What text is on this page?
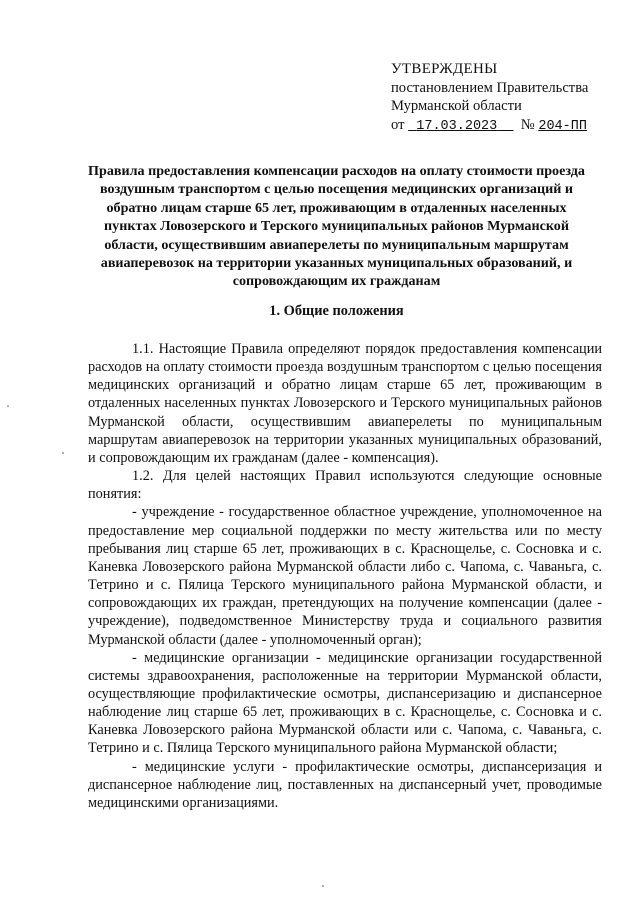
УТВЕРЖДЕНЫ
постановлением Правительства
Мурманской области
от 17.03.2023 № 204-ПП
Правила предоставления компенсации расходов на оплату стоимости проезда воздушным транспортом с целью посещения медицинских организаций и обратно лицам старше 65 лет, проживающим в отдаленных населенных пунктах Ловозерского и Терского муниципальных районов Мурманской области, осуществившим авиаперелеты по муниципальным маршрутам авиаперевозок на территории указанных муниципальных образований, и сопровождающим их гражданам
1. Общие положения

1.1. Настоящие Правила определяют порядок предоставления компенсации расходов на оплату стоимости проезда воздушным транспортом с целью посещения медицинских организаций и обратно лицам старше 65 лет, проживающим в отдаленных населенных пунктах Ловозерского и Терского муниципальных районов Мурманской области, осуществившим авиаперелеты по муниципальным маршрутам авиаперевозок на территории указанных муниципальных образований, и сопровождающим их гражданам (далее - компенсация).

1.2. Для целей настоящих Правил используются следующие основные понятия:

- учреждение - государственное областное учреждение, уполномоченное на предоставление мер социальной поддержки по месту жительства или по месту пребывания лиц старше 65 лет, проживающих в с. Краснощелье, с. Сосновка и с. Каневка Ловозерского района Мурманской области либо с. Чапома, с. Чаваньга, с. Тетрино и с. Пялица Терского муниципального района Мурманской области, и сопровождающих их граждан, претендующих на получение компенсации (далее - учреждение), подведомственное Министерству труда и социального развития Мурманской области (далее - уполномоченный орган);

- медицинские организации - медицинские организации государственной системы здравоохранения, расположенные на территории Мурманской области, осуществляющие профилактические осмотры, диспансеризацию и диспансерное наблюдение лиц старше 65 лет, проживающих в с. Краснощелье, с. Сосновка и с. Каневка Ловозерского района Мурманской области или с. Чапома, с. Чаваньга, с. Тетрино и с. Пялица Терского муниципального района Мурманской области;

- медицинские услуги - профилактические осмотры, диспансеризация и диспансерное наблюдение лиц, поставленных на диспансерный учет, проводимые медицинскими организациями.
